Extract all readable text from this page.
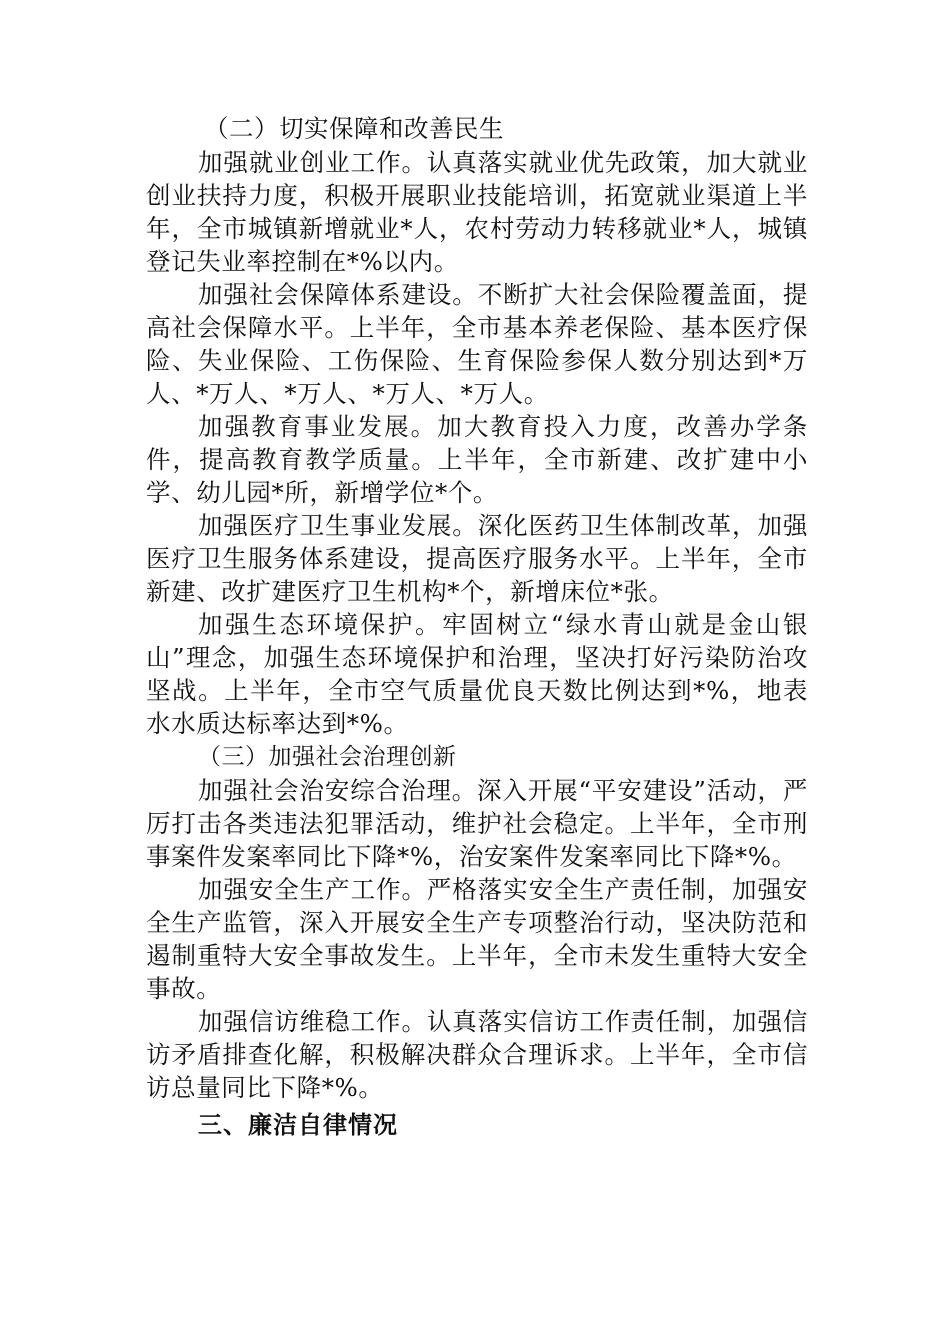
（二）切实保障和改善民生

加强就业创业工作。认真落实就业优先政策，加大就业创业扶持力度，积极开展职业技能培训，拓宽就业渠道上半年，全市城镇新增就业*人，农村劳动力转移就业*人，城镇登记失业率控制在*%以内。

加强社会保障体系建设。不断扩大社会保险覆盖面，提高社会保障水平。上半年，全市基本养老保险、基本医疗保险、失业保险、工伤保险、生育保险参保人数分别达到*万人、*万人、*万人、*万人、*万人。

加强教育事业发展。加大教育投入力度，改善办学条件，提高教育教学质量。上半年，全市新建、改扩建中小学、幼儿园*所，新增学位*个。

加强医疗卫生事业发展。深化医药卫生体制改革，加强医疗卫生服务体系建设，提高医疗服务水平。上半年，全市新建、改扩建医疗卫生机构*个，新增床位*张。

加强生态环境保护。牢固树立“绿水青山就是金山银山”理念，加强生态环境保护和治理，坚决打好污染防治攻坚战。上半年，全市空气质量优良天数比例达到*%，地表水水质达标率达到*%。

（三）加强社会治理创新

加强社会治安综合治理。深入开展“平安建设”活动，严厉打击各类违法犯罪活动，维护社会稳定。上半年，全市刑事案件发案率同比下降*%，治安案件发案率同比下降*%。

加强安全生产工作。严格落实安全生产责任制，加强安全生产监管，深入开展安全生产专项整治行动，坚决防范和遏制重特大安全事故发生。上半年，全市未发生重特大安全事故。

加强信访维稳工作。认真落实信访工作责任制，加强信访矛盾排查化解，积极解决群众合理诉求。上半年，全市信访总量同比下降*%。

三、廉洁自律情况
